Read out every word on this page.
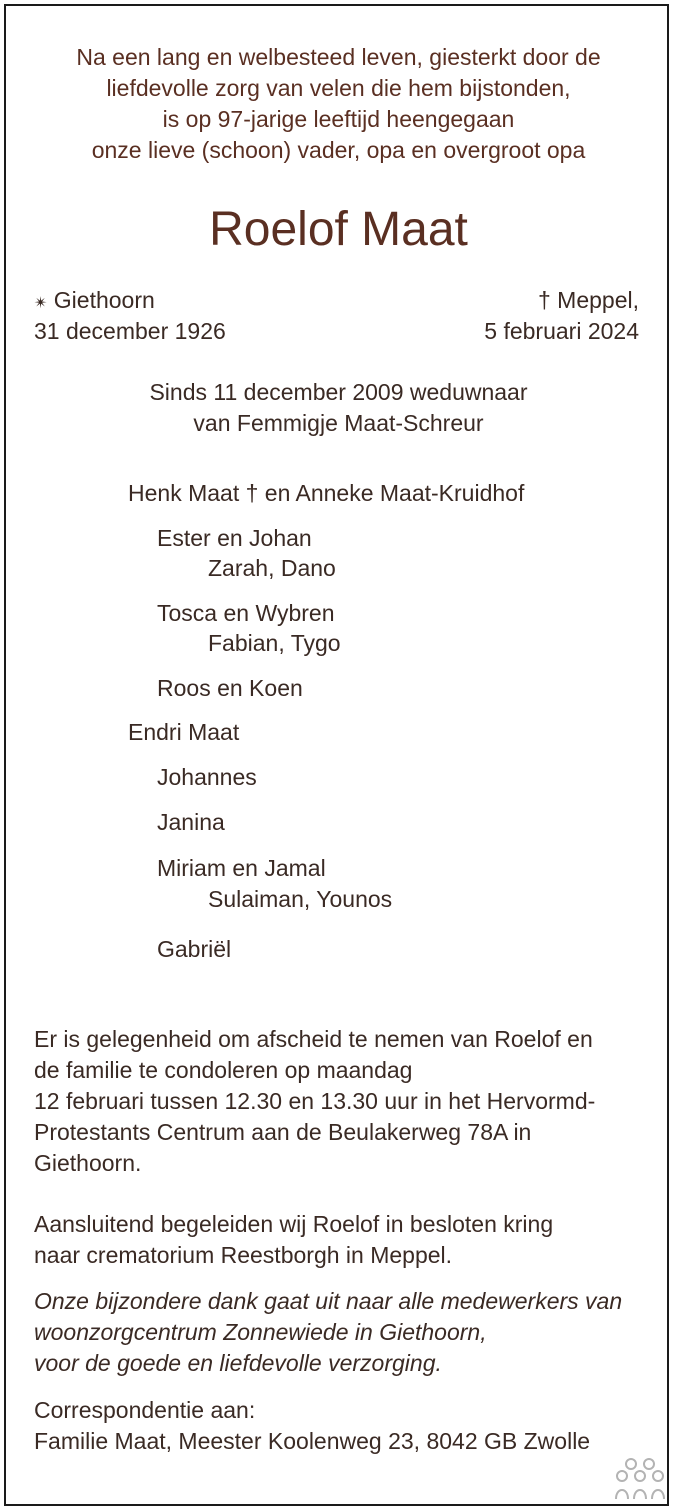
Na een lang en welbesteed leven, giesterkt door de
liefdevolle zorg van velen die hem bijstonden,
is op 97-jarige leeftijd heengegaan
onze lieve (schoon) vader, opa en overgroot opa
Roelof Maat
✴ Giethoorn
31 december 1926
† Meppel,
5 februari 2024
Sinds 11 december 2009 weduwnaar
van Femmigje Maat-Schreur
Henk Maat † en Anneke Maat-Kruidhof
Ester en Johan
Zarah, Dano
Tosca en Wybren
Fabian, Tygo
Roos en Koen
Endri Maat
Johannes
Janina
Miriam en Jamal
Sulaiman, Younos
Gabriël
Er is gelegenheid om afscheid te nemen van Roelof en
de familie te condoleren op maandag
12 februari tussen 12.30 en 13.30 uur in het Hervormd-
Protestants Centrum aan de Beulakerweg 78A in
Giethoorn.
Aansluitend begeleiden wij Roelof in besloten kring
naar crematorium Reestborgh in Meppel.
Onze bijzondere dank gaat uit naar alle medewerkers van
woonzorgcentrum Zonnewiede in Giethoorn,
voor de goede en liefdevolle verzorging.
Correspondentie aan:
Familie Maat, Meester Koolenweg 23, 8042 GB Zwolle
